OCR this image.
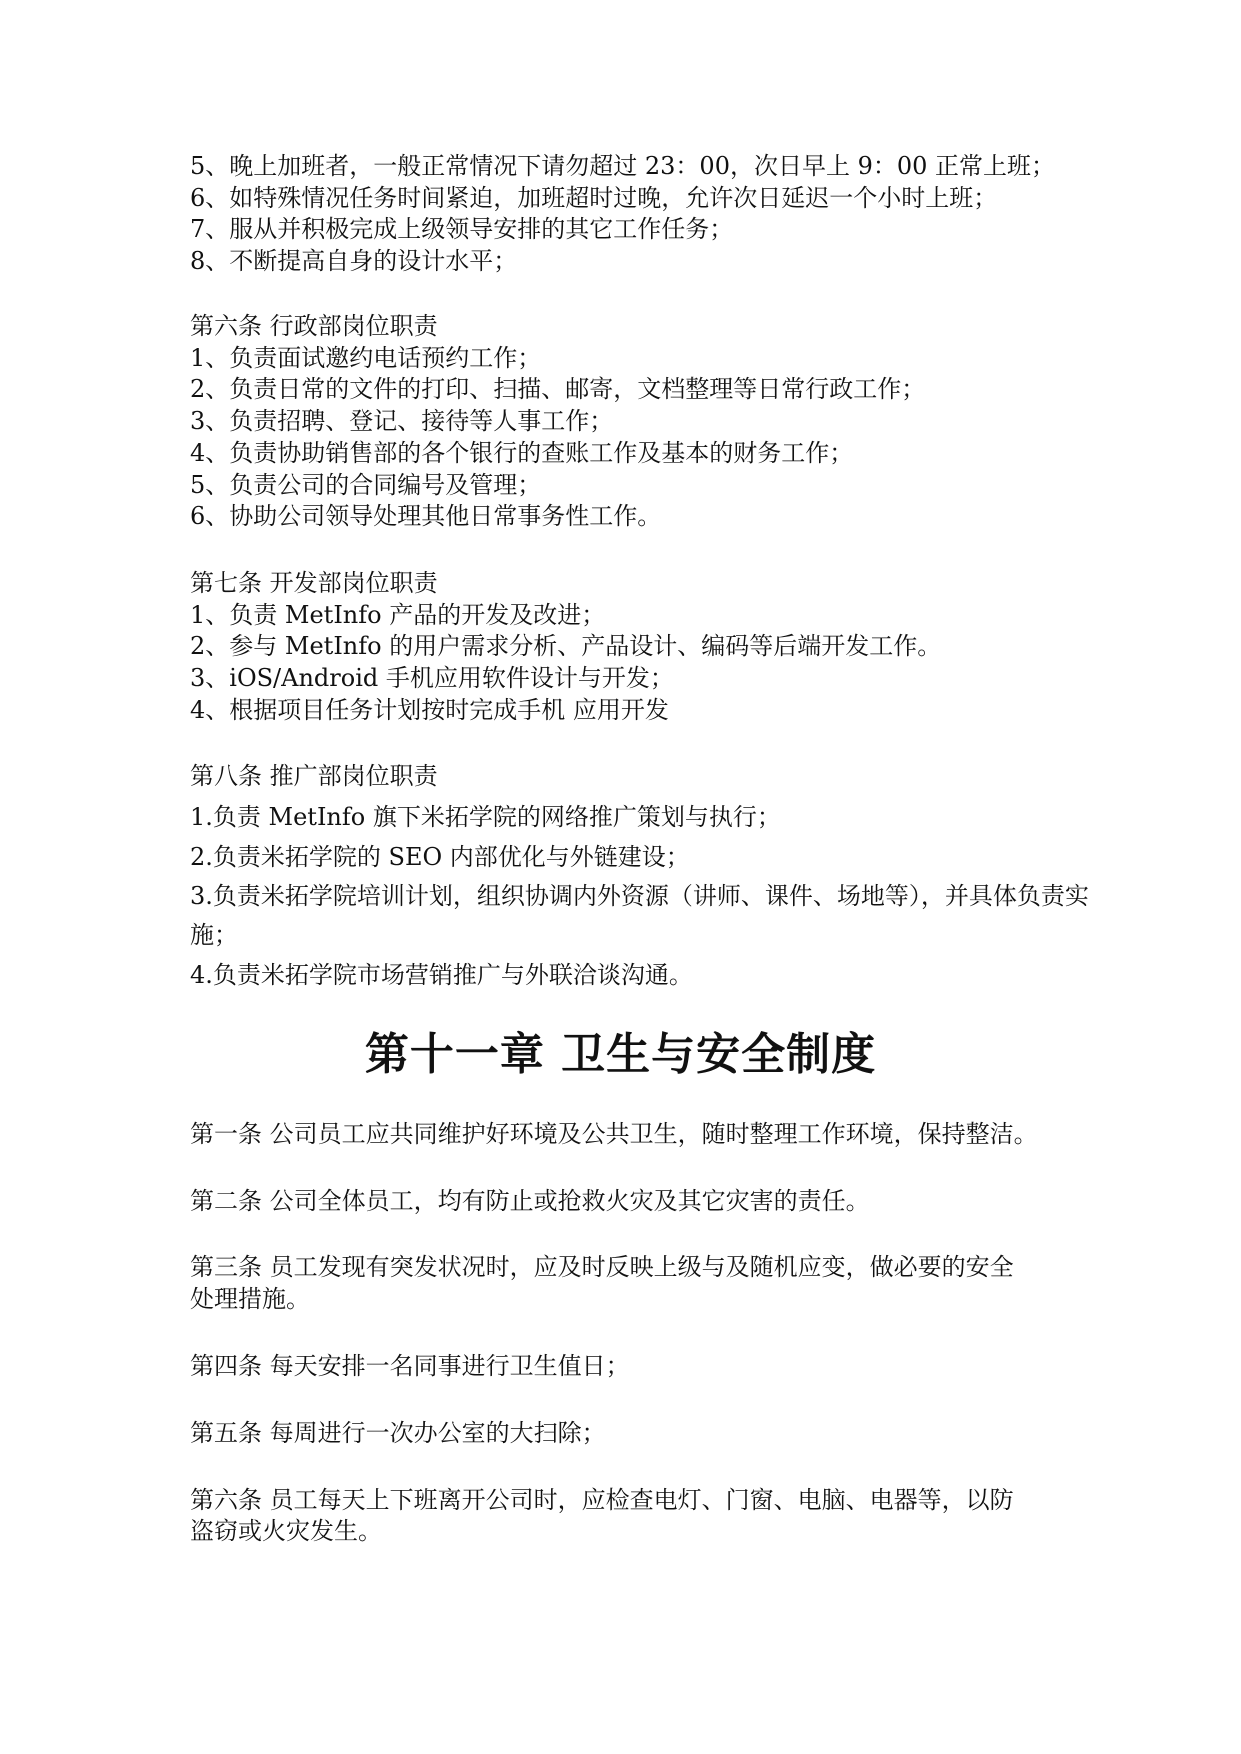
5、晚上加班者，一般正常情况下请勿超过 23：00，次日早上 9：00 正常上班；
6、如特殊情况任务时间紧迫，加班超时过晚，允许次日延迟一个小时上班；
7、服从并积极完成上级领导安排的其它工作任务；
8、不断提高自身的设计水平；
第六条 行政部岗位职责
1、负责面试邀约电话预约工作；
2、负责日常的文件的打印、扫描、邮寄，文档整理等日常行政工作；
3、负责招聘、登记、接待等人事工作；
4、负责协助销售部的各个银行的查账工作及基本的财务工作；
5、负责公司的合同编号及管理；
6、协助公司领导处理其他日常事务性工作。
第七条 开发部岗位职责
1、负责 MetInfo 产品的开发及改进；
2、参与 MetInfo 的用户需求分析、产品设计、编码等后端开发工作。
3、iOS/Android 手机应用软件设计与开发；
4、根据项目任务计划按时完成手机 应用开发
第八条 推广部岗位职责
1.负责 MetInfo 旗下米拓学院的网络推广策划与执行；
2.负责米拓学院的 SEO 内部优化与外链建设；
3.负责米拓学院培训计划，组织协调内外资源（讲师、课件、场地等），并具体负责实
施；
4.负责米拓学院市场营销推广与外联洽谈沟通。
第十一章 卫生与安全制度
第一条 公司员工应共同维护好环境及公共卫生，随时整理工作环境，保持整洁。
第二条 公司全体员工，均有防止或抢救火灾及其它灾害的责任。
第三条 员工发现有突发状况时，应及时反映上级与及随机应变，做必要的安全
处理措施。
第四条 每天安排一名同事进行卫生值日；
第五条 每周进行一次办公室的大扫除；
第六条 员工每天上下班离开公司时，应检查电灯、门窗、电脑、电器等，以防
盗窃或火灾发生。
